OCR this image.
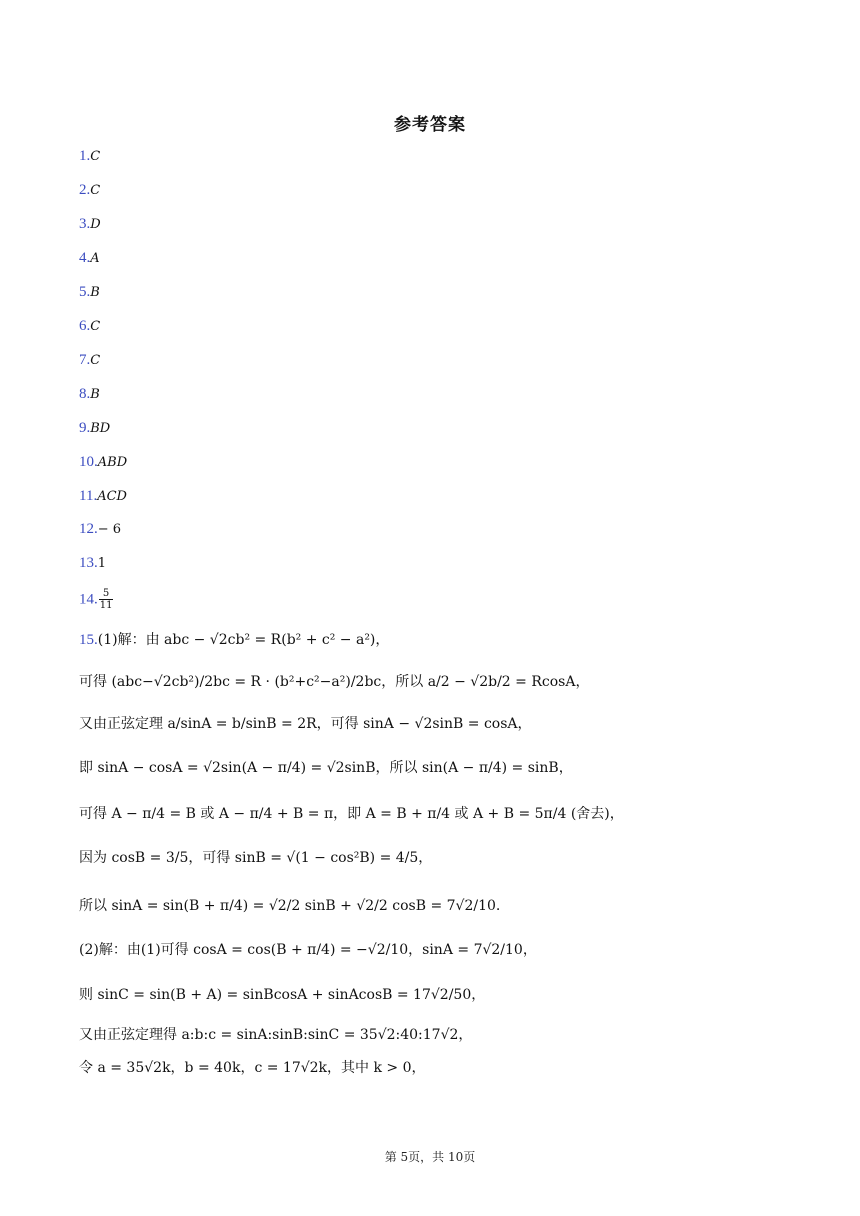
参考答案
1.C
2.C
3.D
4.A
5.B
6.C
7.C
8.B
9.BD
10.ABD
11.ACD
12.− 6
13.1
14. $\frac{5}{11}$
15.(1)解：由 abc − √2cb² = R(b² + c² − a²)，
可得 (abc−√2cb²)/2bc = R · (b²+c²−a²)/2bc，所以 a/2 − √2b/2 = RcosA，
又由正弦定理 a/sinA = b/sinB = 2R，可得 sinA − √2sinB = cosA，
即 sinA − cosA = √2sin(A − π/4) = √2sinB，所以 sin(A − π/4) = sinB，
可得 A − π/4 = B 或 A − π/4 + B = π，即 A = B + π/4 或 A + B = 5π/4 (舍去)，
因为 cosB = 3/5，可得 sinB = √(1 − cos²B) = 4/5，
所以 sinA = sin(B + π/4) = √2/2 sinB + √2/2 cosB = 7√2/10.
(2)解：由(1)可得 cosA = cos(B + π/4) = −√2/10，sinA = 7√2/10，
则 sinC = sin(B + A) = sinBcosA + sinAcosB = 17√2/50，
又由正弦定理得 a:b:c = sinA:sinB:sinC = 35√2:40:17√2，
令 a = 35√2k，b = 40k，c = 17√2k，其中 k > 0，
第 5页，共 10页
